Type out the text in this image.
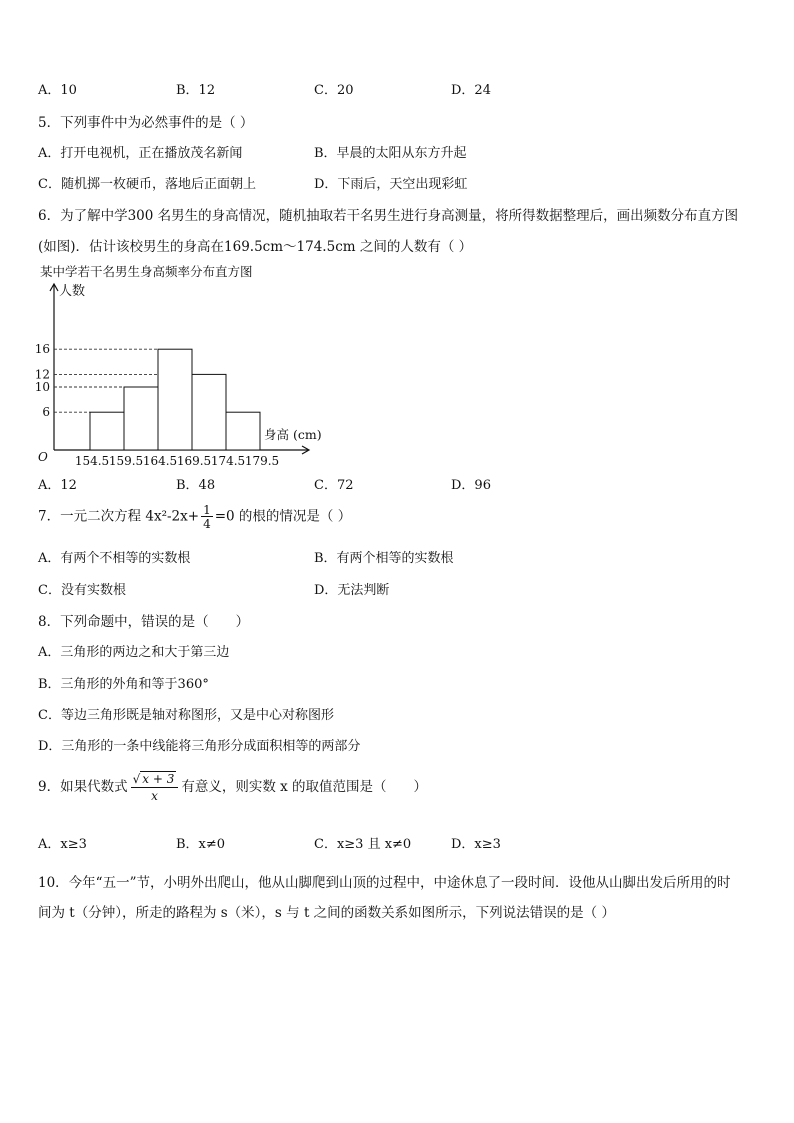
A．10	B．12	C．20	D．24
5．下列事件中为必然事件的是（ ）
A．打开电视机，正在播放茂名新闻	B．早晨的太阳从东方升起
C．随机掷一枚硬币，落地后正面朝上	D．下雨后，天空出现彩虹
6．为了解中学300 名男生的身高情况，随机抽取若干名男生进行身高测量，将所得数据整理后，画出频数分布直方图
(如图)．估计该校男生的身高在169.5cm～174.5cm 之间的人数有（ ）
某中学若干名男生身高频率分布直方图
人数
身高 (cm)
O
16
12
10
6
154.5 159.5 164.5 169.5 174.5 179.5
A．12	B．48	C．72	D．96
7．一元二次方程 $4x^2-2x+ \frac{1}{4} =0$ 的根的情况是（ ）
A．有两个不相等的实数根	B．有两个相等的实数根
C．没有实数根	D．无法判断
8．下列命题中，错误的是（　　）
A．三角形的两边之和大于第三边
B．三角形的外角和等于360°
C．等边三角形既是轴对称图形，又是中心对称图形
D．三角形的一条中线能将三角形分成面积相等的两部分
9．如果代数式 $\frac{√ x + 3}{x}$ 有意义，则实数 x 的取值范围是（　　）
A．x≥3	B．x≠0	C．x≥3 且 x≠0	D．x≥3
10．今年“五一”节，小明外出爬山，他从山脚爬到山顶的过程中，中途休息了一段时间．设他从山脚出发后所用的时
间为 t（分钟），所走的路程为 s（米），s 与 t 之间的函数关系如图所示，下列说法错误的是（ ）
